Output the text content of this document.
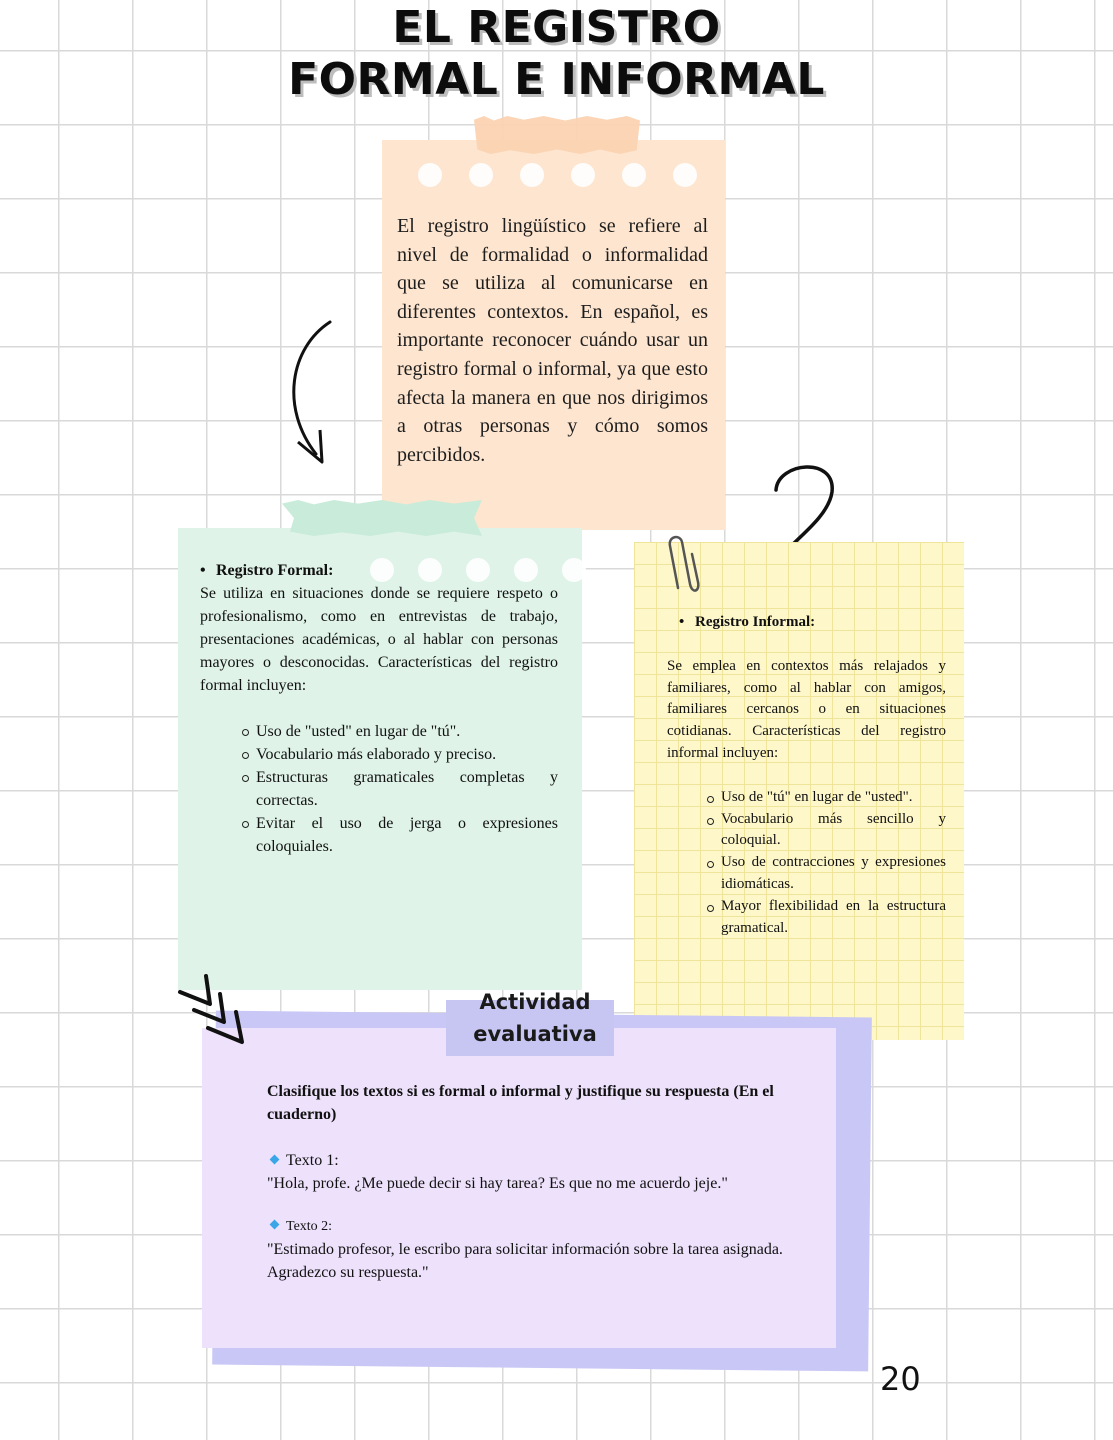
EL REGISTRO
FORMAL E INFORMAL
El registro lingüístico se refiere al nivel de formalidad o informalidad que se utiliza al comunicarse en diferentes contextos. En español, es importante reconocer cuándo usar un registro formal o informal, ya que esto afecta la manera en que nos dirigimos a otras personas y cómo somos percibidos.
• Registro Formal:
Se utiliza en situaciones donde se requiere respeto o profesionalismo, como en entrevistas de trabajo, presentaciones académicas, o al hablar con personas mayores o desconocidas. Características del registro formal incluyen:
Uso de "usted" en lugar de "tú".
Vocabulario más elaborado y preciso.
Estructuras gramaticales completas y correctas.
Evitar el uso de jerga o expresiones coloquiales.
• Registro Informal:
Se emplea en contextos más relajados y familiares, como al hablar con amigos, familiares cercanos o en situaciones cotidianas. Características del registro informal incluyen:
Uso de "tú" en lugar de "usted".
Vocabulario más sencillo y coloquial.
Uso de contracciones y expresiones idiomáticas.
Mayor flexibilidad en la estructura gramatical.
Actividad
evaluativa
Clasifique los textos si es formal o informal y justifique su respuesta (En el cuaderno)
Texto 1:
"Hola, profe. ¿Me puede decir si hay tarea? Es que no me acuerdo jeje."
Texto 2:
"Estimado profesor, le escribo para solicitar información sobre la tarea asignada. Agradezco su respuesta."
20
